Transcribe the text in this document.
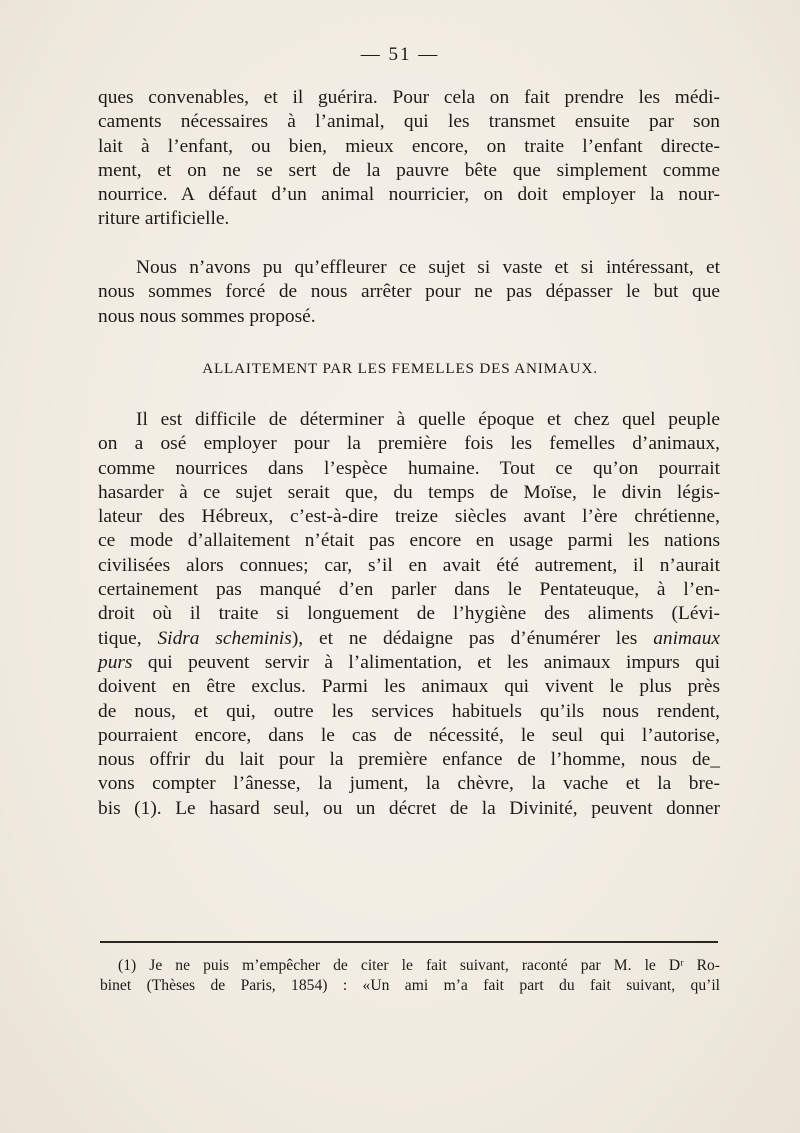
— 51 —
ques convenables, et il guérira. Pour cela on fait prendre les médi-
caments nécessaires à l’animal, qui les transmet ensuite par son
lait à l’enfant, ou bien, mieux encore, on traite l’enfant directe-
ment, et on ne se sert de la pauvre bête que simplement comme
nourrice. A défaut d’un animal nourricier, on doit employer la nour-
riture artificielle.
Nous n’avons pu qu’effleurer ce sujet si vaste et si intéressant, et
nous sommes forcé de nous arrêter pour ne pas dépasser le but que
nous nous sommes proposé.
ALLAITEMENT PAR LES FEMELLES DES ANIMAUX.
Il est difficile de déterminer à quelle époque et chez quel peuple
on a osé employer pour la première fois les femelles d’animaux,
comme nourrices dans l’espèce humaine. Tout ce qu’on pourrait
hasarder à ce sujet serait que, du temps de Moïse, le divin légis-
lateur des Hébreux, c’est-à-dire treize siècles avant l’ère chrétienne,
ce mode d’allaitement n’était pas encore en usage parmi les nations
civilisées alors connues; car, s’il en avait été autrement, il n’aurait
certainement pas manqué d’en parler dans le Pentateuque, à l’en-
droit où il traite si longuement de l’hygiène des aliments (Lévi-
tique, Sidra scheminis), et ne dédaigne pas d’énumérer les animaux
purs qui peuvent servir à l’alimentation, et les animaux impurs qui
doivent en être exclus. Parmi les animaux qui vivent le plus près
de nous, et qui, outre les services habituels qu’ils nous rendent,
pourraient encore, dans le cas de nécessité, le seul qui l’autorise,
nous offrir du lait pour la première enfance de l’homme, nous de_
vons compter l’ânesse, la jument, la chèvre, la vache et la bre-
bis (1). Le hasard seul, ou un décret de la Divinité, peuvent donner
(1) Je ne puis m’empêcher de citer le fait suivant, raconté par M. le Dʳ Ro-
binet (Thèses de Paris, 1854) : «Un ami m’a fait part du fait suivant, qu’il
